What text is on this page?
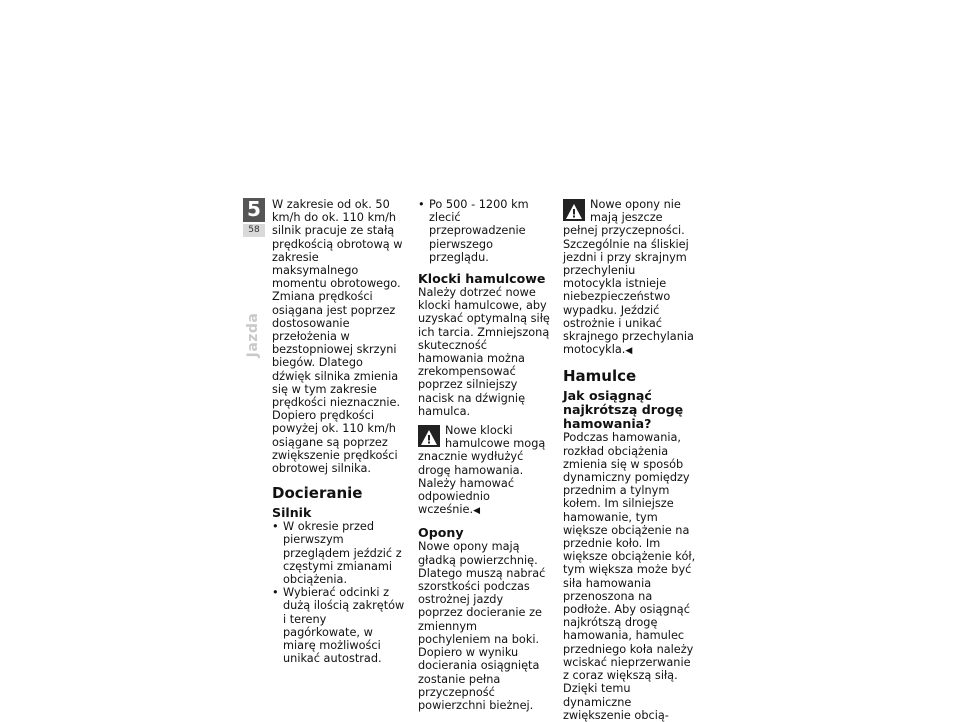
5
58
Jazda

W zakresie od ok. 50 km/h do ok. 110 km/h silnik pracuje ze stałą prędkością obrotową w zakresie maksymalnego momentu obrotowego. Zmiana prędkości osiągana jest poprzez dostosowanie przełożenia w bezstopniowej skrzyni biegów. Dlatego dźwięk silnika zmienia się w tym zakresie prędkości nieznacznie. Dopiero prędkości powyżej ok. 110 km/h osiągane są poprzez zwiększenie prędkości obrotowej silnika.

Docieranie
Silnik
• W okresie przed pierwszym przeglądem jeździć z częstymi zmianami obciążenia.
• Wybierać odcinki z dużą ilością zakrętów i tereny pagórkowate, w miarę możliwości unikać autostrad.
• Po 500 - 1200 km zlecić przeprowadzenie pierwszego przeglądu.
Klocki hamulcowe

Należy dotrzeć nowe klocki hamulcowe, aby uzyskać optymalną siłę ich tarcia. Zmniejszoną skuteczność hamowania można zrekompensować poprzez silniejszy nacisk na dźwignię hamulca.

Nowe klocki hamulcowe mogą znacznie wydłużyć drogę hamowania. Należy hamować odpowiednio wcześnie.◀
Opony

Nowe opony mają gładką powierzchnię. Dlatego muszą nabrać szorstkości podczas ostrożnej jazdy poprzez docieranie ze zmiennym pochyleniem na boki. Dopiero w wyniku docierania osiągnięta zostanie pełna przyczepność powierzchni bieżnej.

Nowe opony nie mają jeszcze pełnej przyczepności. Szczególnie na śliskiej jezdni i przy skrajnym przechyleniu motocykla istnieje niebezpieczeństwo wypadku. Jeździć ostrożnie i unikać skrajnego przechylania motocykla.◀
Hamulce
Jak osiągnąć najkrótszą drogę hamowania?

Podczas hamowania, rozkład obciążenia zmienia się w sposób dynamiczny pomiędzy przednim a tylnym kołem. Im silniejsze hamowanie, tym większe obciążenie na przednie koło. Im większe obciążenie kół, tym większa może być siła hamowania przenoszona na podłoże. Aby osiągnąć najkrótszą drogę hamowania, hamulec przedniego koła należy wciskać nieprzerwanie z coraz większą siłą. Dzięki temu dynamiczne zwiększenie obcią-
